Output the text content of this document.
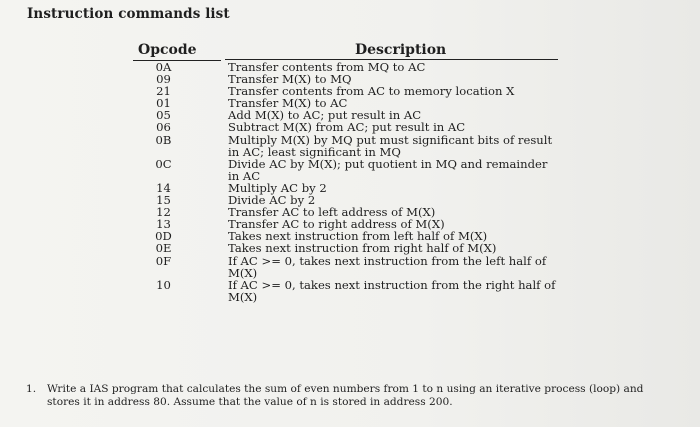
Instruction commands list
Opcode	Description
0A	Transfer contents from MQ to AC
09	Transfer M(X) to MQ
21	Transfer contents from AC to memory location X
01	Transfer M(X) to AC
05	Add M(X) to AC; put result in AC
06	Subtract M(X) from AC; put result in AC
0B	Multiply M(X) by MQ put must significant bits of result in AC; least significant in MQ
0C	Divide AC by M(X); put quotient in MQ and remainder in AC
14	Multiply AC by 2
15	Divide AC by 2
12	Transfer AC to left address of M(X)
13	Transfer AC to right address of M(X)
0D	Takes next instruction from left half of M(X)
0E	Takes next instruction from right half of M(X)
0F	If AC >= 0, takes next instruction from the left half of M(X)
10	If AC >= 0, takes next instruction from the right half of M(X)
1. Write a IAS program that calculates the sum of even numbers from 1 to n using an iterative process (loop) and stores it in address 80. Assume that the value of n is stored in address 200.
